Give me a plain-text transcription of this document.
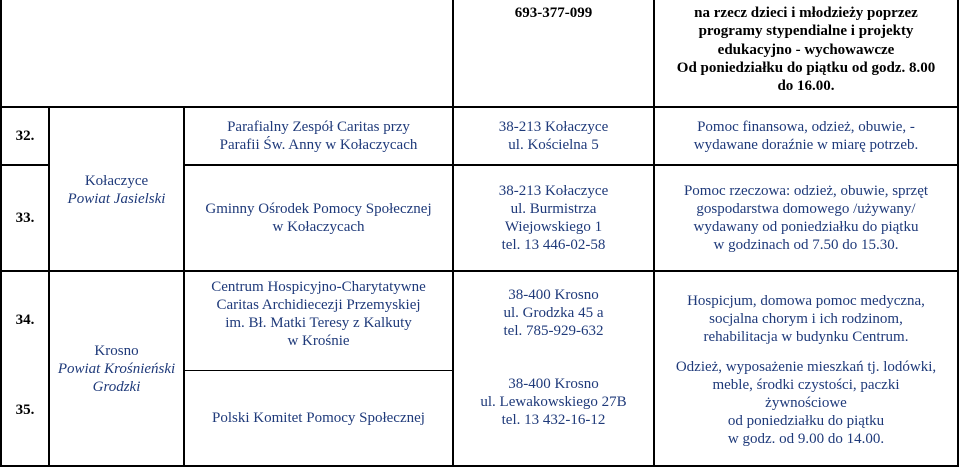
693-377-099	na rzecz dzieci i młodzieży poprzez
programy stypendialne i projekty
edukacyjno - wychowawcze
Od poniedziałku do piątku od godz. 8.00
do 16.00.
32.
Parafialny Zespół Caritas przy
Parafii Św. Anny w Kołaczycach
38-213 Kołaczyce
ul. Kościelna 5
Pomoc finansowa, odzież, obuwie, -
wydawane doraźnie w miarę potrzeb.
33.
Kołaczyce
Powiat Jasielski
Gminny Ośrodek Pomocy Społecznej
w Kołaczycach
38-213 Kołaczyce
ul. Burmistrza
Wiejowskiego 1
tel. 13 446-02-58
Pomoc rzeczowa: odzież, obuwie, sprzęt
gospodarstwa domowego /używany/
wydawany od poniedziałku do piątku
w godzinach od 7.50 do 15.30.
34.
35.
Krosno
Powiat Krośnieński
Grodzki
Centrum Hospicyjno-Charytatywne
Caritas Archidiecezji Przemyskiej
im. Bł. Matki Teresy z Kalkuty
w Krośnie
Polski Komitet Pomocy Społecznej
38-400 Krosno
ul. Grodzka 45 a
tel. 785-929-632
38-400 Krosno
ul. Lewakowskiego 27B
tel. 13 432-16-12
Hospicjum, domowa pomoc medyczna,
socjalna chorym i ich rodzinom,
rehabilitacja w budynku Centrum.
Odzież, wyposażenie mieszkań tj. lodówki,
meble, środki czystości, paczki
żywnościowe
od poniedziałku do piątku
w godz. od 9.00 do 14.00.
